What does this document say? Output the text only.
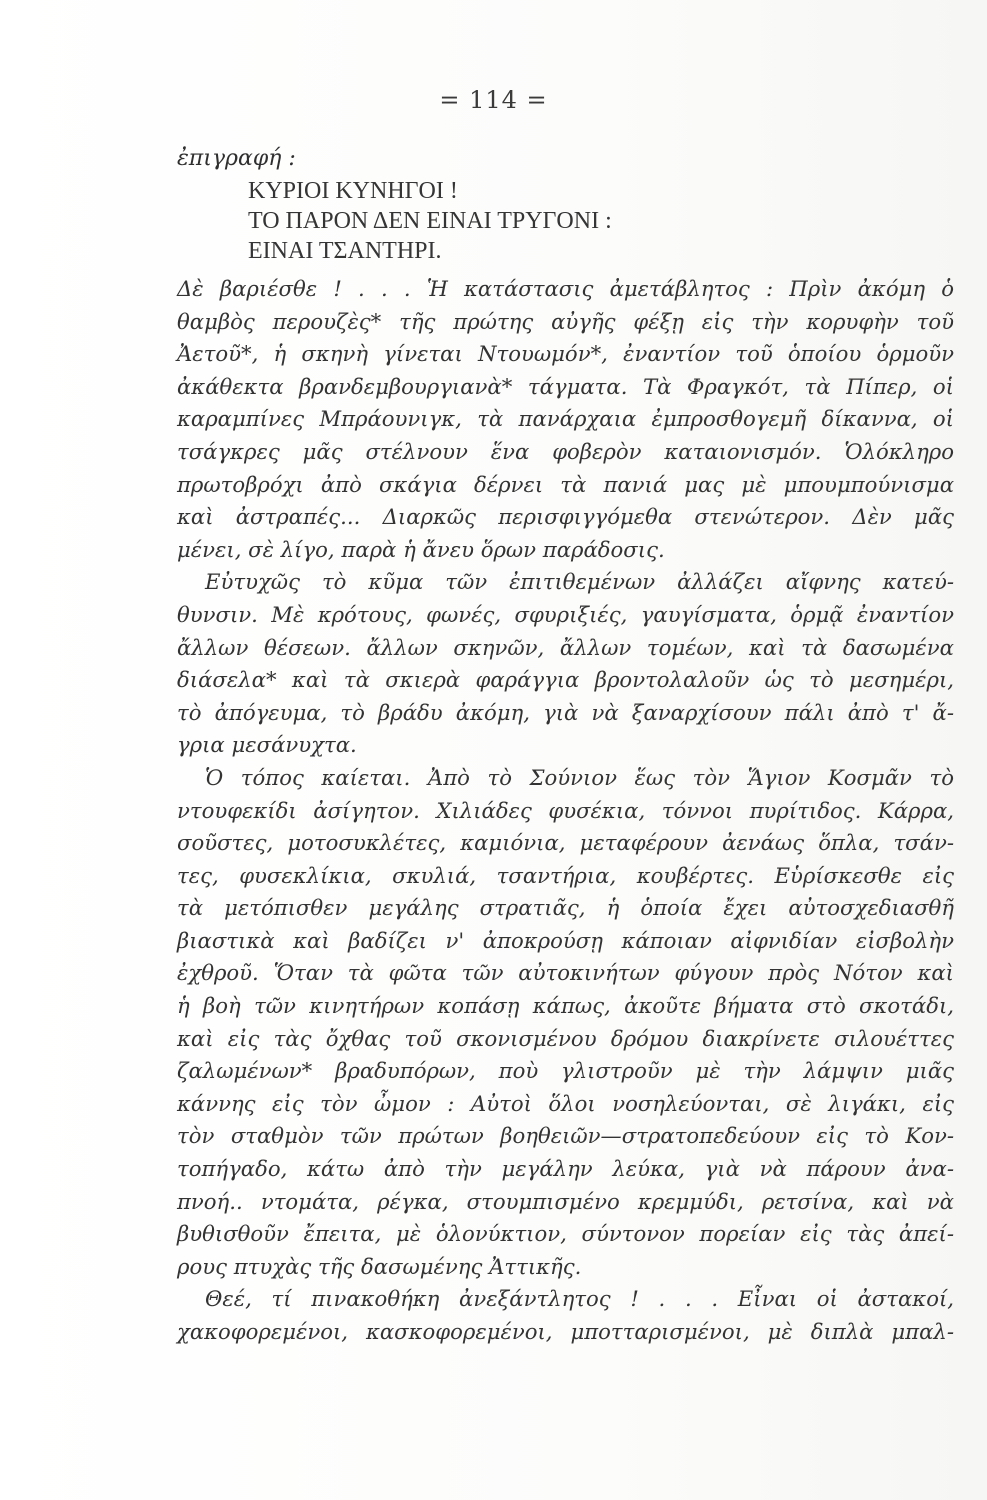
= 114 =
ἐπιγραφή :
ΚΥΡΙΟΙ ΚΥΝΗΓΟΙ !
ΤΟ ΠΑΡΟΝ ΔΕΝ ΕΙΝΑΙ ΤΡΥΓΟΝΙ :
ΕΙΝΑΙ ΤΣΑΝΤΗΡΙ.
Δὲ βαριέσθε ! . . . Ἡ κατάστασις ἀμετάβλητος : Πρὶν ἀκόμη ὁ
θαμβὸς περουζὲς* τῆς πρώτης αὐγῆς φέξῃ εἰς τὴν κορυφὴν τοῦ
Ἀετοῦ*, ἡ σκηνὴ γίνεται Ντουωμόν*, ἐναντίον τοῦ ὁποίου ὁρμοῦν
ἀκάθεκτα βρανδεμβουργιανὰ* τάγματα. Τὰ Φραγκότ, τὰ Πίπερ, οἱ
καραμπίνες Μπράουνιγκ, τὰ πανάρχαια ἐμπροσθογεμῆ δίκαννα, οἱ
τσάγκρες μᾶς στέλνουν ἕνα φοβερὸν καταιονισμόν. Ὁλόκληρο
πρωτοβρόχι ἀπὸ σκάγια δέρνει τὰ πανιά μας μὲ μπουμπούνισμα
καὶ ἀστραπές... Διαρκῶς περισφιγγόμεθα στενώτερον. Δὲν μᾶς
μένει, σὲ λίγο, παρὰ ἡ ἄνευ ὅρων παράδοσις.
Εὐτυχῶς τὸ κῦμα τῶν ἐπιτιθεμένων ἀλλάζει αἴφνης κατεύ-
θυνσιν. Μὲ κρότους, φωνές, σφυριξιές, γαυγίσματα, ὁρμᾷ ἐναντίον
ἄλλων θέσεων. ἄλλων σκηνῶν, ἄλλων τομέων, καὶ τὰ δασωμένα
διάσελα* καὶ τὰ σκιερὰ φαράγγια βροντολαλοῦν ὡς τὸ μεσημέρι,
τὸ ἀπόγευμα, τὸ βράδυ ἀκόμη, γιὰ νὰ ξαναρχίσουν πάλι ἀπὸ τ' ἄ-
γρια μεσάνυχτα.
Ὁ τόπος καίεται. Ἀπὸ τὸ Σούνιον ἕως τὸν Ἅγιον Κοσμᾶν τὸ
ντουφεκίδι ἀσίγητον. Χιλιάδες φυσέκια, τόννοι πυρίτιδος. Κάρρα,
σοῦστες, μοτοσυκλέτες, καμιόνια, μεταφέρουν ἀενάως ὅπλα, τσάν-
τες, φυσεκλίκια, σκυλιά, τσαντήρια, κουβέρτες. Εὑρίσκεσθε εἰς
τὰ μετόπισθεν μεγάλης στρατιᾶς, ἡ ὁποία ἔχει αὐτοσχεδιασθῆ
βιαστικὰ καὶ βαδίζει ν' ἀποκρούσῃ κάποιαν αἰφνιδίαν εἰσβολὴν
ἐχθροῦ. Ὅταν τὰ φῶτα τῶν αὐτοκινήτων φύγουν πρὸς Νότον καὶ
ἡ βοὴ τῶν κινητήρων κοπάσῃ κάπως, ἀκοῦτε βήματα στὸ σκοτάδι,
καὶ εἰς τὰς ὄχθας τοῦ σκονισμένου δρόμου διακρίνετε σιλουέττες
ζαλωμένων* βραδυπόρων, ποὺ γλιστροῦν μὲ τὴν λάμψιν μιᾶς
κάννης εἰς τὸν ὦμον : Αὐτοὶ ὅλοι νοσηλεύονται, σὲ λιγάκι, εἰς
τὸν σταθμὸν τῶν πρώτων βοηθειῶν—στρατοπεδεύουν εἰς τὸ Κον-
τοπήγαδο, κάτω ἀπὸ τὴν μεγάλην λεύκα, γιὰ νὰ πάρουν ἀνα-
πνοή.. ντομάτα, ρέγκα, στουμπισμένο κρεμμύδι, ρετσίνα, καὶ νὰ
βυθισθοῦν ἔπειτα, μὲ ὁλονύκτιον, σύντονον πορείαν εἰς τὰς ἀπεί-
ρους πτυχὰς τῆς δασωμένης Ἀττικῆς.
Θεέ, τί πινακοθήκη ἀνεξάντλητος ! . . . Εἶναι οἱ ἀστακοί,
χακοφορεμένοι, κασκοφορεμένοι, μποτταρισμένοι, μὲ διπλὰ μπαλ-
